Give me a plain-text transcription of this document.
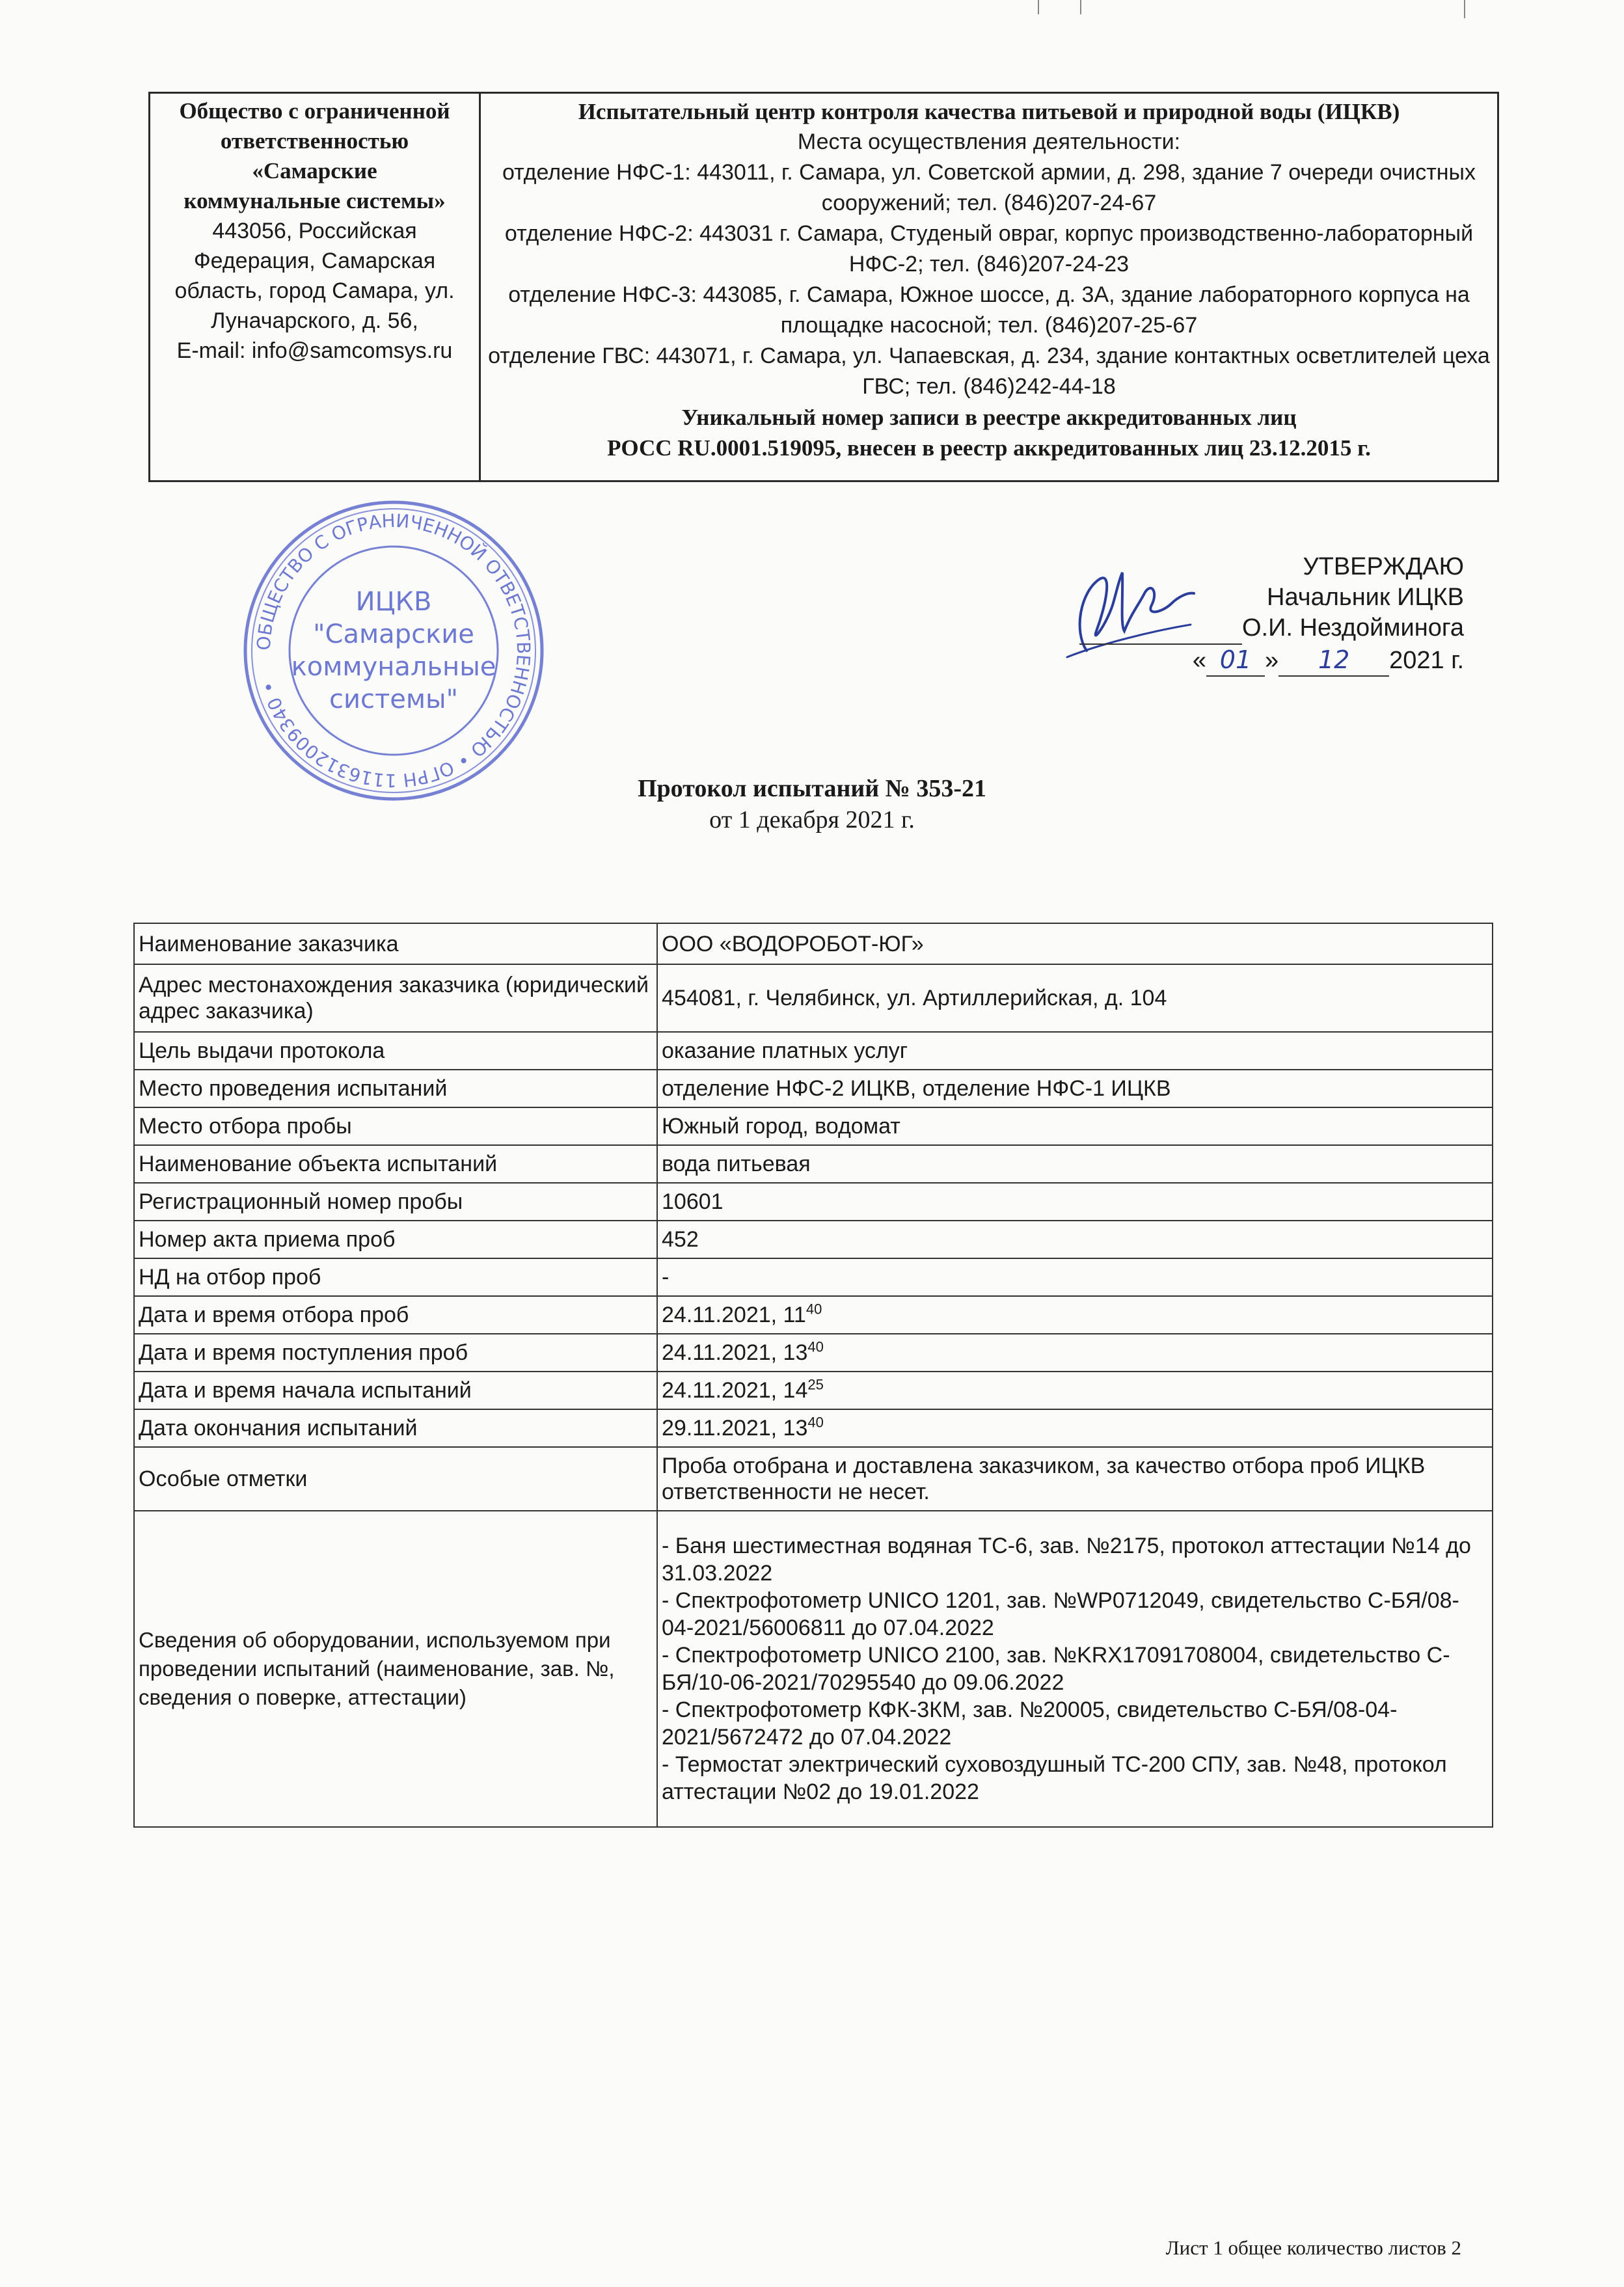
Общество с ограниченной
ответственностью
«Самарские
коммунальные системы»
443056, Российская Федерация, Самарская область, город Самара, ул. Луначарского, д. 56,
E-mail: info@samcomsys.ru
Испытательный центр контроля качества питьевой и природной воды (ИЦКВ)
Места осуществления деятельности:
отделение НФС-1: 443011, г. Самара, ул. Советской армии, д. 298, здание 7 очереди очистных сооружений; тел. (846)207-24-67
отделение НФС-2: 443031 г. Самара, Студеный овраг, корпус производственно-лабораторный НФС-2; тел. (846)207-24-23
отделение НФС-3: 443085, г. Самара, Южное шоссе, д. 3А, здание лабораторного корпуса на площадке насосной; тел. (846)207-25-67
отделение ГВС: 443071, г. Самара, ул. Чапаевская, д. 234, здание контактных осветлителей цеха ГВС; тел. (846)242-44-18
Уникальный номер записи в реестре аккредитованных лиц
РОСС RU.0001.519095, внесен в реестр аккредитованных лиц 23.12.2015 г.
ОБЩЕСТВО С ОГРАНИЧЕННОЙ ОТВЕТСТВЕННОСТЬЮ • ОГРН 1116312009340 •
ИЦКВ
"Самарские
коммунальные
системы"
УТВЕРЖДАЮ
Начальник ИЦКВ
О.И. Нездойминога
« 01 » 12 2021 г.
Протокол испытаний № 353-21
от 1 декабря 2021 г.
Наименование заказчика	ООО «ВОДОРОБОТ-ЮГ»
Адрес местонахождения заказчика (юридический адрес заказчика)	454081, г. Челябинск, ул. Артиллерийская, д. 104
Цель выдачи протокола	оказание платных услуг
Место проведения испытаний	отделение НФС-2 ИЦКВ, отделение НФС-1 ИЦКВ
Место отбора пробы	Южный город, водомат
Наименование объекта испытаний	вода питьевая
Регистрационный номер пробы	10601
Номер акта приема проб	452
НД на отбор проб	-
Дата и время отбора проб	24.11.2021, $11^{40}$
Дата и время поступления проб	24.11.2021, $13^{40}$
Дата и время начала испытаний	24.11.2021, $14^{25}$
Дата окончания испытаний	29.11.2021, $13^{40}$
Особые отметки	Проба отобрана и доставлена заказчиком, за качество отбора проб ИЦКВ ответственности не несет.
Сведения об оборудовании, используемом при проведении испытаний (наименование, зав. №, сведения о поверке, аттестации)	- Баня шестиместная водяная ТС-6, зав. №2175, протокол аттестации №14 до 31.03.2022
- Спектрофотометр UNICO 1201, зав. №WP0712049, свидетельство С-БЯ/08-04-2021/56006811 до 07.04.2022
- Спектрофотометр UNICO 2100, зав. №KRX17091708004, свидетельство С-БЯ/10-06-2021/70295540 до 09.06.2022
- Спектрофотометр КФК-3КМ, зав. №20005, свидетельство С-БЯ/08-04-2021/5672472 до 07.04.2022
- Термостат электрический суховоздушный ТС-200 СПУ, зав. №48, протокол аттестации №02 до 19.01.2022
Лист 1 общее количество листов 2
